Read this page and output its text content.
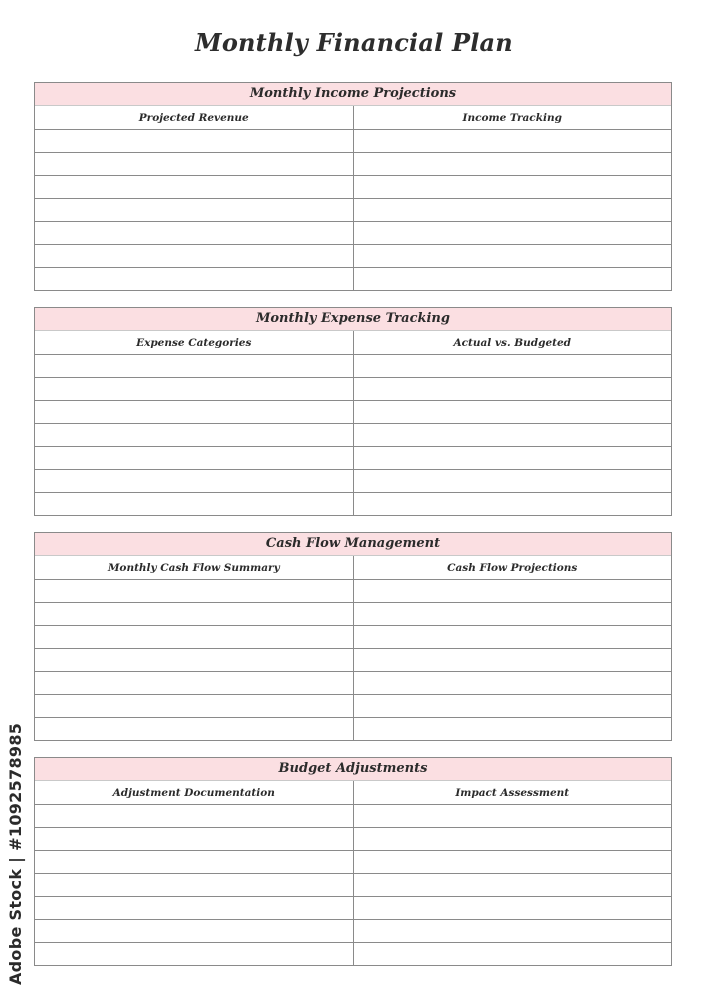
Monthly Financial Plan
Monthly Income Projections
Projected Revenue	Income Tracking

Monthly Expense Tracking
Expense Categories	Actual vs. Budgeted

Cash Flow Management
Monthly Cash Flow Summary	Cash Flow Projections

Budget Adjustments
Adjustment Documentation	Impact Assessment

Adobe Stock | #1092578985
